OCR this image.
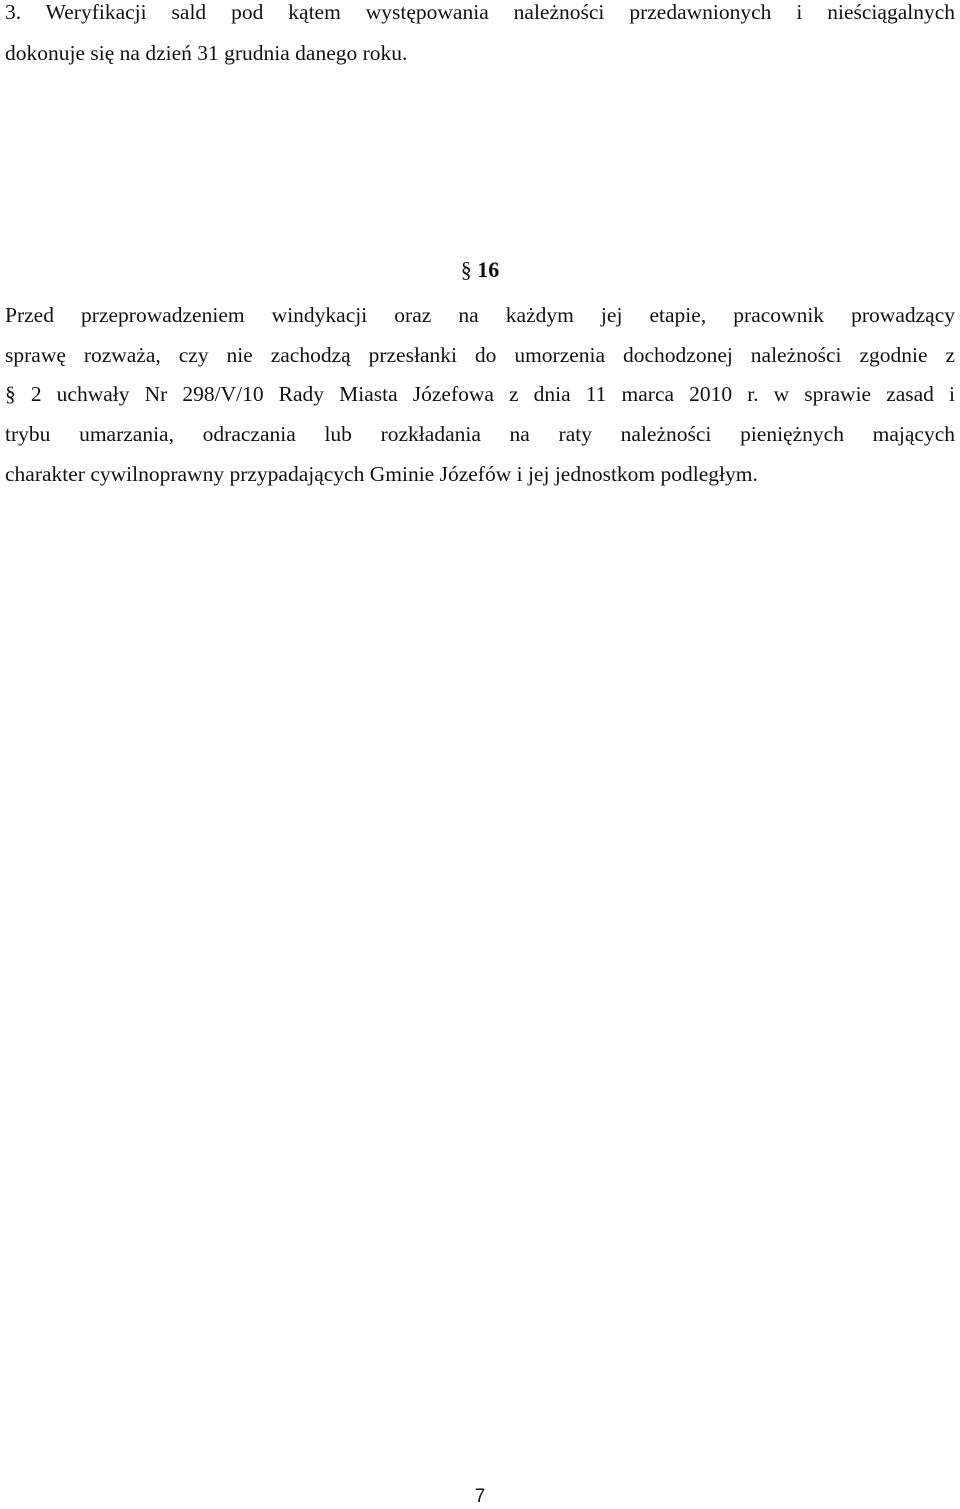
3. Weryfikacji sald pod kątem występowania należności przedawnionych i nieściągalnych
dokonuje się na dzień 31 grudnia danego roku.
§ 16
Przed przeprowadzeniem windykacji oraz na każdym jej etapie, pracownik prowadzący
sprawę rozważa, czy nie zachodzą przesłanki do umorzenia dochodzonej należności zgodnie z
§ 2 uchwały Nr 298/V/10 Rady Miasta Józefowa z dnia 11 marca 2010 r. w sprawie zasad i
trybu umarzania, odraczania lub rozkładania na raty należności pieniężnych mających
charakter cywilnoprawny przypadających Gminie Józefów i jej jednostkom podległym.
7
